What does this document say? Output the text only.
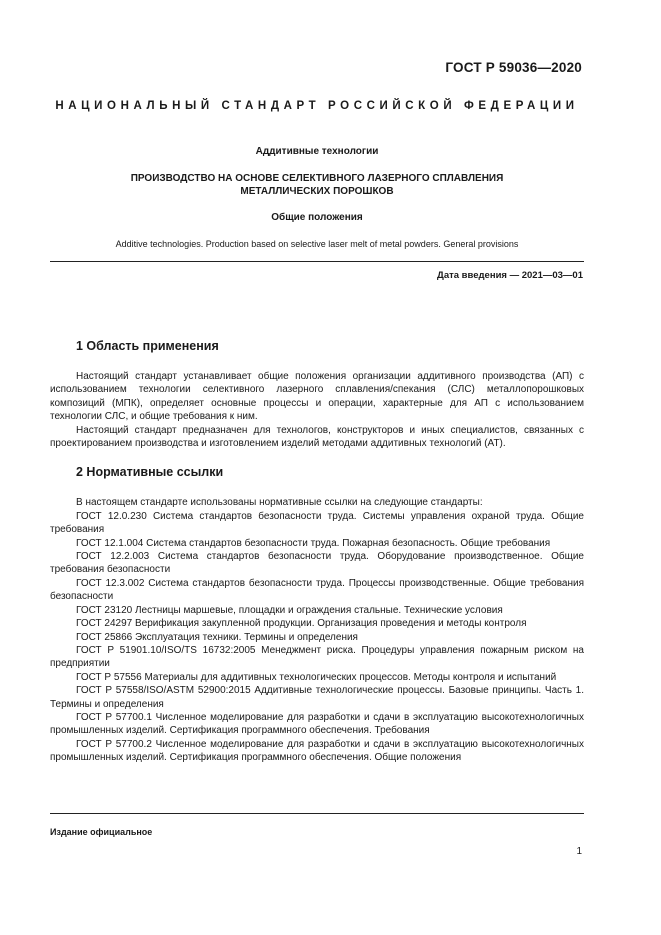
ГОСТ Р 59036—2020
НАЦИОНАЛЬНЫЙ СТАНДАРТ РОССИЙСКОЙ ФЕДЕРАЦИИ
Аддитивные технологии
ПРОИЗВОДСТВО НА ОСНОВЕ СЕЛЕКТИВНОГО ЛАЗЕРНОГО СПЛАВЛЕНИЯ
МЕТАЛЛИЧЕСКИХ ПОРОШКОВ
Общие положения
Additive technologies. Production based on selective laser melt of metal powders. General provisions
Дата введения — 2021—03—01
1 Область применения

Настоящий стандарт устанавливает общие положения организации аддитивного производства (АП) с использованием технологии селективного лазерного сплавления/спекания (СЛС) металлопорошковых композиций (МПК), определяет основные процессы и операции, характерные для АП с использованием технологии СЛС, и общие требования к ним.

Настоящий стандарт предназначен для технологов, конструкторов и иных специалистов, связанных с проектированием производства и изготовлением изделий методами аддитивных технологий (АТ).

2 Нормативные ссылки

В настоящем стандарте использованы нормативные ссылки на следующие стандарты:

ГОСТ 12.0.230 Система стандартов безопасности труда. Системы управления охраной труда. Общие требования

ГОСТ 12.1.004 Система стандартов безопасности труда. Пожарная безопасность. Общие требования

ГОСТ 12.2.003 Система стандартов безопасности труда. Оборудование производственное. Общие требования безопасности

ГОСТ 12.3.002 Система стандартов безопасности труда. Процессы производственные. Общие требования безопасности

ГОСТ 23120 Лестницы маршевые, площадки и ограждения стальные. Технические условия

ГОСТ 24297 Верификация закупленной продукции. Организация проведения и методы контроля

ГОСТ 25866 Эксплуатация техники. Термины и определения

ГОСТ Р 51901.10/ISO/TS 16732:2005 Менеджмент риска. Процедуры управления пожарным риском на предприятии

ГОСТ Р 57556 Материалы для аддитивных технологических процессов. Методы контроля и испытаний

ГОСТ Р 57558/ISO/ASTM 52900:2015 Аддитивные технологические процессы. Базовые принципы. Часть 1. Термины и определения

ГОСТ Р 57700.1 Численное моделирование для разработки и сдачи в эксплуатацию высокотехнологичных промышленных изделий. Сертификация программного обеспечения. Требования

ГОСТ Р 57700.2 Численное моделирование для разработки и сдачи в эксплуатацию высокотехнологичных промышленных изделий. Сертификация программного обеспечения. Общие положения

Издание официальное
1
